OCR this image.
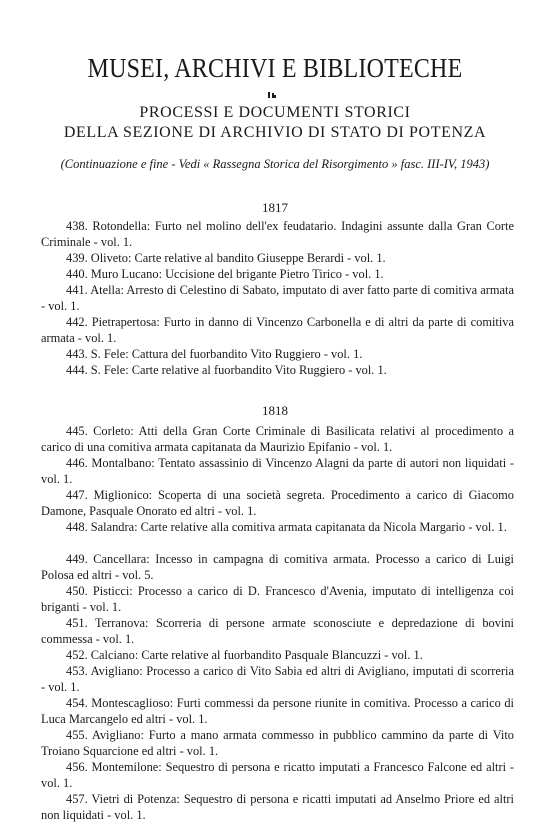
MUSEI, ARCHIVI E BIBLIOTECHE
PROCESSI E DOCUMENTI STORICI
DELLA SEZIONE DI ARCHIVIO DI STATO DI POTENZA
(Continuazione e fine - Vedi « Rassegna Storica del Risorgimento » fasc. III-IV, 1943)
1817
438. Rotondella: Furto nel molino dell'ex feudatario. Indagini assunte dalla Gran Corte Criminale - vol. 1.
439. Oliveto: Carte relative al bandito Giuseppe Berardi - vol. 1.
440. Muro Lucano: Uccisione del brigante Pietro Tirico - vol. 1.
441. Atella: Arresto di Celestino di Sabato, imputato di aver fatto parte di comitiva armata - vol. 1.
442. Pietrapertosa: Furto in danno di Vincenzo Carbonella e di altri da parte di comitiva armata - vol. 1.
443. S. Fele: Cattura del fuorbandito Vito Ruggiero - vol. 1.
444. S. Fele: Carte relative al fuorbandito Vito Ruggiero - vol. 1.
1818
445. Corleto: Atti della Gran Corte Criminale di Basilicata relativi al procedimento a carico di una comitiva armata capitanata da Maurizio Epifanio - vol. 1.
446. Montalbano: Tentato assassinio di Vincenzo Alagni da parte di autori non liquidati - vol. 1.
447. Miglionico: Scoperta di una società segreta. Procedimento a carico di Giacomo Damone, Pasquale Onorato ed altri - vol. 1.
448. Salandra: Carte relative alla comitiva armata capitanata da Nicola Margario - vol. 1.
449. Cancellara: Incesso in campagna di comitiva armata. Processo a carico di Luigi Polosa ed altri - vol. 5.
450. Pisticci: Processo a carico di D. Francesco d'Avenia, imputato di intelligenza coi briganti - vol. 1.
451. Terranova: Scorreria di persone armate sconosciute e depredazione di bovini commessa - vol. 1.
452. Calciano: Carte relative al fuorbandito Pasquale Blancuzzi - vol. 1.
453. Avigliano: Processo a carico di Vito Sabia ed altri di Avigliano, imputati di scorreria - vol. 1.
454. Montescaglioso: Furti commessi da persone riunite in comitiva. Processo a carico di Luca Marcangelo ed altri - vol. 1.
455. Avigliano: Furto a mano armata commesso in pubblico cammino da parte di Vito Troiano Squarcione ed altri - vol. 1.
456. Montemilone: Sequestro di persona e ricatto imputati a Francesco Falcone ed altri - vol. 1.
457. Vietri di Potenza: Sequestro di persona e ricatti imputati ad Anselmo Priore ed altri non liquidati - vol. 1.
